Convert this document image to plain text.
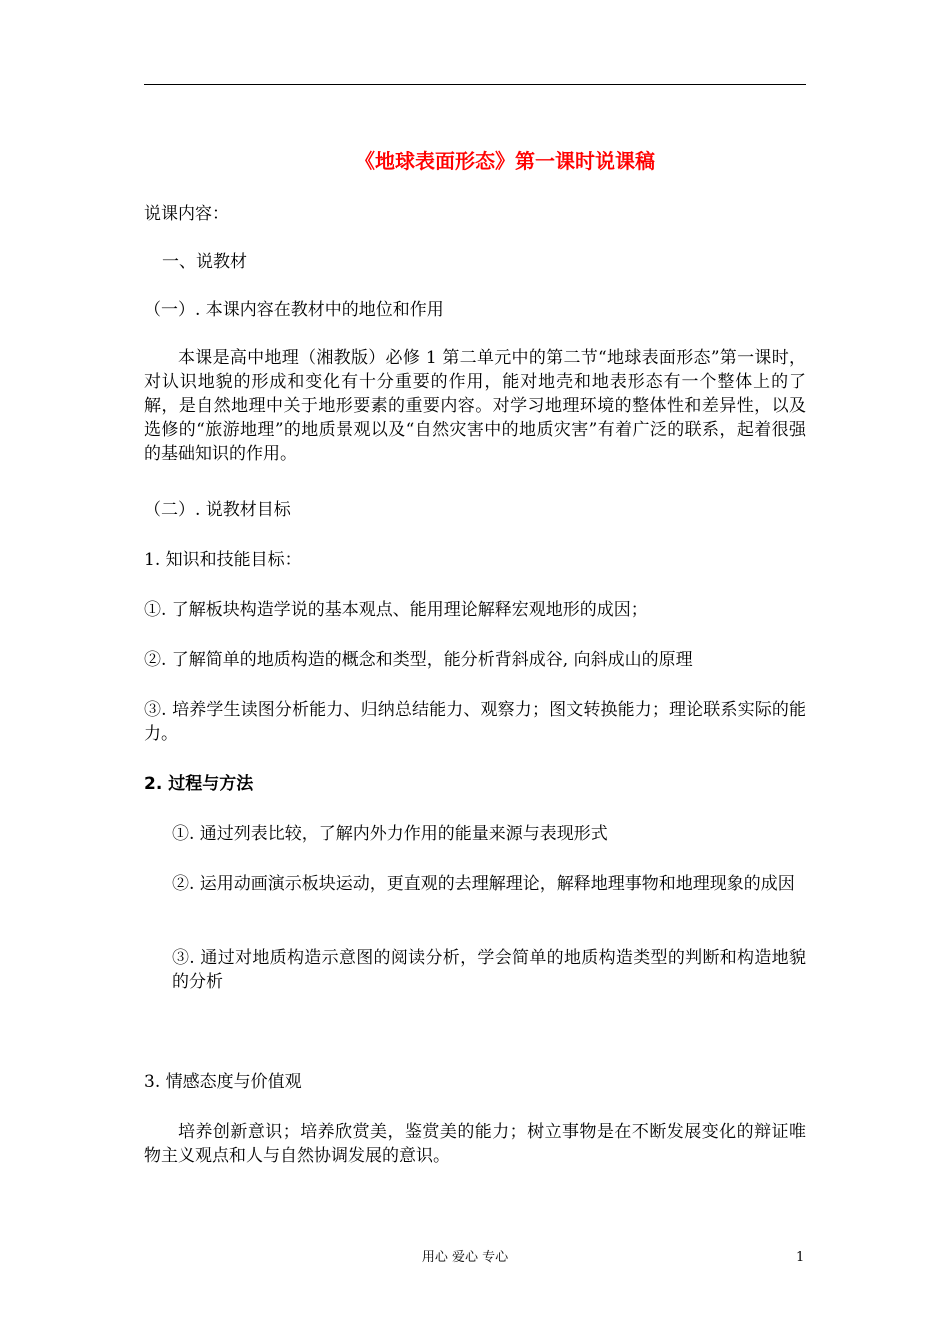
《地球表面形态》第一课时说课稿
说课内容：
一、说教材
（一）. 本课内容在教材中的地位和作用
本课是高中地理（湘教版）必修 1 第二单元中的第二节“地球表面形态”第一课时，对认识地貌的形成和变化有十分重要的作用，能对地壳和地表形态有一个整体上的了解，是自然地理中关于地形要素的重要内容。对学习地理环境的整体性和差异性，以及选修的“旅游地理”的地质景观以及“自然灾害中的地质灾害”有着广泛的联系，起着很强的基础知识的作用。
（二）. 说教材目标
1. 知识和技能目标：
①. 了解板块构造学说的基本观点、能用理论解释宏观地形的成因；
②. 了解简单的地质构造的概念和类型，能分析背斜成谷, 向斜成山的原理
③. 培养学生读图分析能力、归纳总结能力、观察力；图文转换能力；理论联系实际的能力。
2. 过程与方法
①. 通过列表比较，了解内外力作用的能量来源与表现形式
②. 运用动画演示板块运动，更直观的去理解理论，解释地理事物和地理现象的成因
③. 通过对地质构造示意图的阅读分析，学会简单的地质构造类型的判断和构造地貌的分析
3. 情感态度与价值观
培养创新意识；培养欣赏美，鉴赏美的能力；树立事物是在不断发展变化的辩证唯物主义观点和人与自然协调发展的意识。
用心 爱心 专心	1
